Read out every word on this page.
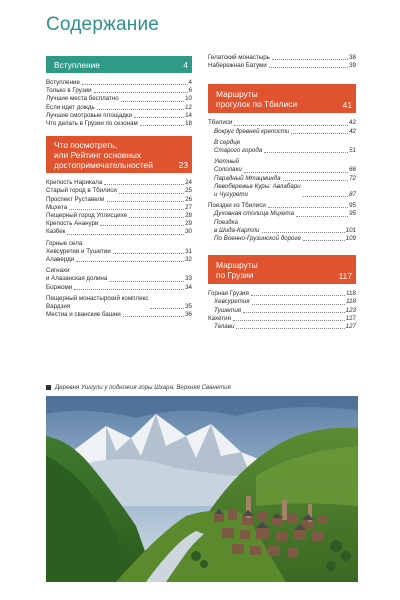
Содержание
Вступление	4
Вступление	4
Только в Грузии	6
Лучшие места бесплатно	10
Если идет дождь	12
Лучшие смотровые площадки	14
Что делать в Грузии по сезонам	18
Что посмотреть,
или Рейтинг основных
достопримечательностей	23
Крепость Нарикала	24
Старый город в Тбилиси	25
Проспект Руставели	26
Мцхета	27
Пещерный город Уплисцихе	28
Крепость Ананури	29
Казбек	30
Горные села
Хевсуретии и Тушетии	31
Алаверди	32
Сигнахи
и Алазанская долина	33
Боржоми	34
Пещерный монастырский комплекс
Вардзия	35
Местиа и сванские башни	36
Гелатский монастырь	38
Набережная Батуми	39
Маршруты
прогулок по Тбилиси	41
Тбилиси	42
Вокруг древней крепости	42
В сердце
Старого города	51
Уютный
Сололаки	66
Парадный Мтацминда	72
Левобережье Куры: Авлабари
и Чугурети	87
Поездки из Тбилиси	95
Духовная столица Мцхета	95
Поездка
в Шида-Картли	101
По Военно-Грузинской дороге	109
Маршруты
по Грузии	117
Горная Грузия	118
Хевсуретия	118
Тушетия	123
Кахетия	127
Телави	127
Деревня Ушгули у подножия горы Шхара, Верхняя Сванетия
